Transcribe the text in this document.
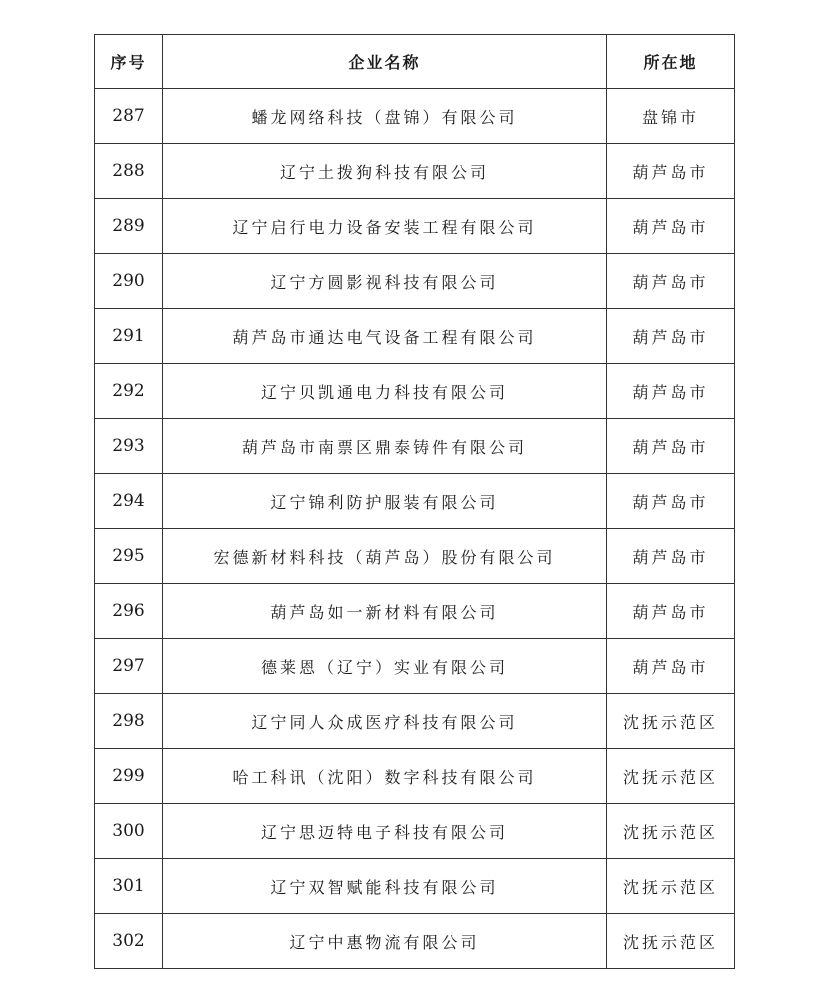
序号	企业名称	所在地
287	蟠龙网络科技（盘锦）有限公司	盘锦市
288	辽宁土拨狗科技有限公司	葫芦岛市
289	辽宁启行电力设备安装工程有限公司	葫芦岛市
290	辽宁方圆影视科技有限公司	葫芦岛市
291	葫芦岛市通达电气设备工程有限公司	葫芦岛市
292	辽宁贝凯通电力科技有限公司	葫芦岛市
293	葫芦岛市南票区鼎泰铸件有限公司	葫芦岛市
294	辽宁锦利防护服装有限公司	葫芦岛市
295	宏德新材料科技（葫芦岛）股份有限公司	葫芦岛市
296	葫芦岛如一新材料有限公司	葫芦岛市
297	德莱恩（辽宁）实业有限公司	葫芦岛市
298	辽宁同人众成医疗科技有限公司	沈抚示范区
299	哈工科讯（沈阳）数字科技有限公司	沈抚示范区
300	辽宁思迈特电子科技有限公司	沈抚示范区
301	辽宁双智赋能科技有限公司	沈抚示范区
302	辽宁中惠物流有限公司	沈抚示范区
